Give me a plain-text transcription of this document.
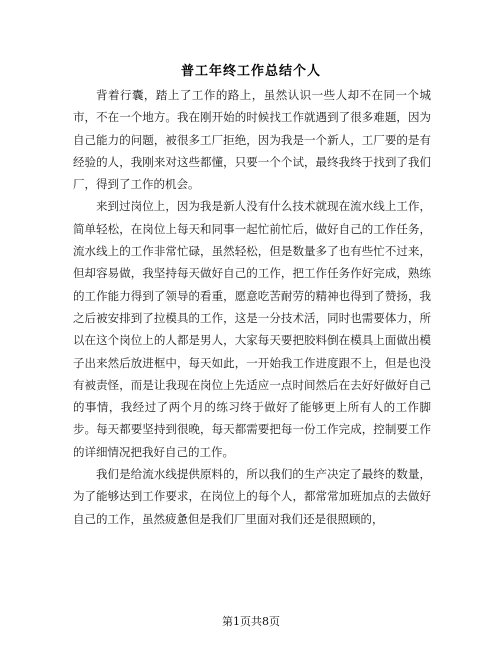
普工年终工作总结个人

背着行囊，踏上了工作的路上，虽然认识一些人却不在同一个城市，不在一个地方。我在刚开始的时候找工作就遇到了很多难题，因为自己能力的问题，被很多工厂拒绝，因为我是一个新人，工厂要的是有经验的人，我刚来对这些都懂，只要一个个试，最终我终于找到了我们厂，得到了工作的机会。

来到过岗位上，因为我是新人没有什么技术就现在流水线上工作，简单轻松，在岗位上每天和同事一起忙前忙后，做好自己的工作任务，流水线上的工作非常忙碌，虽然轻松，但是数量多了也有些忙不过来，但却容易做，我坚持每天做好自己的工作，把工作任务作好完成，熟练的工作能力得到了领导的看重，愿意吃苦耐劳的精神也得到了赞扬，我之后被安排到了拉模具的工作，这是一分技术活，同时也需要体力，所以在这个岗位上的人都是男人，大家每天要把胶料倒在模具上面做出模子出来然后放进框中，每天如此，一开始我工作进度跟不上，但是也没有被责怪，而是让我现在岗位上先适应一点时间然后在去好好做好自己的事情，我经过了两个月的练习终于做好了能够更上所有人的工作脚步。每天都要坚持到很晚，每天都需要把每一份工作完成，控制要工作的详细情况把我好自己的工作。

我们是给流水线提供原料的，所以我们的生产决定了最终的数量，为了能够达到工作要求，在岗位上的每个人，都常常加班加点的去做好自己的工作，虽然疲惫但是我们厂里面对我们还是很照顾的，

第1页共8页
